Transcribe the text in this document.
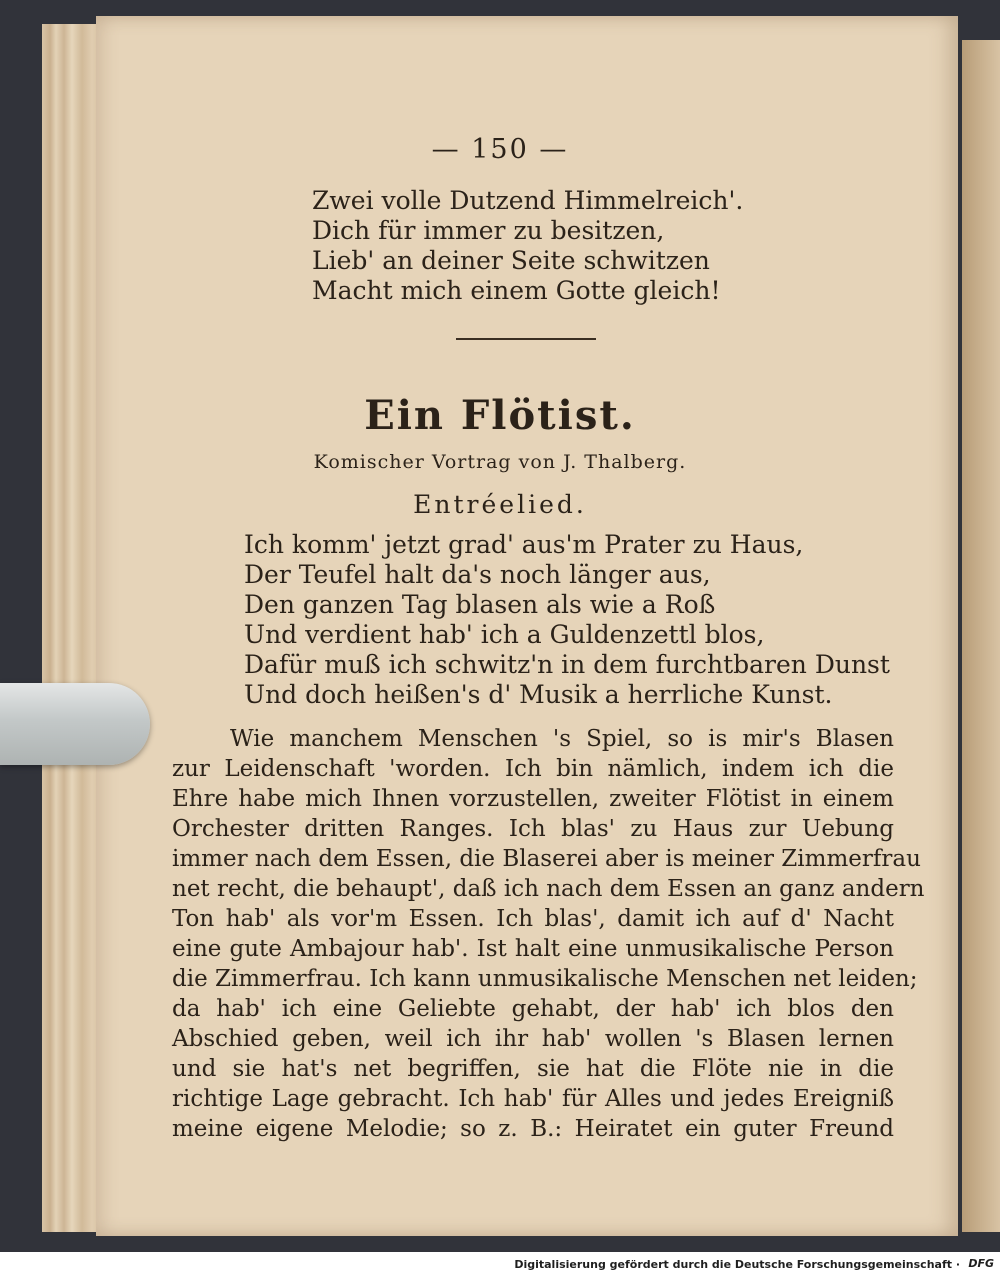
— 150 —
Zwei volle Dutzend Himmelreich'.
Dich für immer zu besitzen,
Lieb' an deiner Seite schwitzen
Macht mich einem Gotte gleich!
Ein Flötist.
Komischer Vortrag von J. Thalberg.
Entréelied.
Ich komm' jetzt grad' aus'm Prater zu Haus,
Der Teufel halt da's noch länger aus,
Den ganzen Tag blasen als wie a Roß
Und verdient hab' ich a Guldenzettl blos,
Dafür muß ich schwitz'n in dem furchtbaren Dunst
Und doch heißen's d' Musik a herrliche Kunst.
Wie manchem Menschen 's Spiel, so is mir's Blasen
zur Leidenschaft 'worden. Ich bin nämlich, indem ich die
Ehre habe mich Ihnen vorzustellen, zweiter Flötist in einem
Orchester dritten Ranges. Ich blas' zu Haus zur Uebung
immer nach dem Essen, die Blaserei aber is meiner Zimmerfrau
net recht, die behaupt', daß ich nach dem Essen an ganz andern
Ton hab' als vor'm Essen. Ich blas', damit ich auf d' Nacht
eine gute Ambajour hab'. Ist halt eine unmusikalische Person
die Zimmerfrau. Ich kann unmusikalische Menschen net leiden;
da hab' ich eine Geliebte gehabt, der hab' ich blos den
Abschied geben, weil ich ihr hab' wollen 's Blasen lernen
und sie hat's net begriffen, sie hat die Flöte nie in die
richtige Lage gebracht. Ich hab' für Alles und jedes Ereigniß
meine eigene Melodie; so z. B.: Heiratet ein guter Freund
Digitalisierung gefördert durch die Deutsche Forschungsgemeinschaft · DFG
